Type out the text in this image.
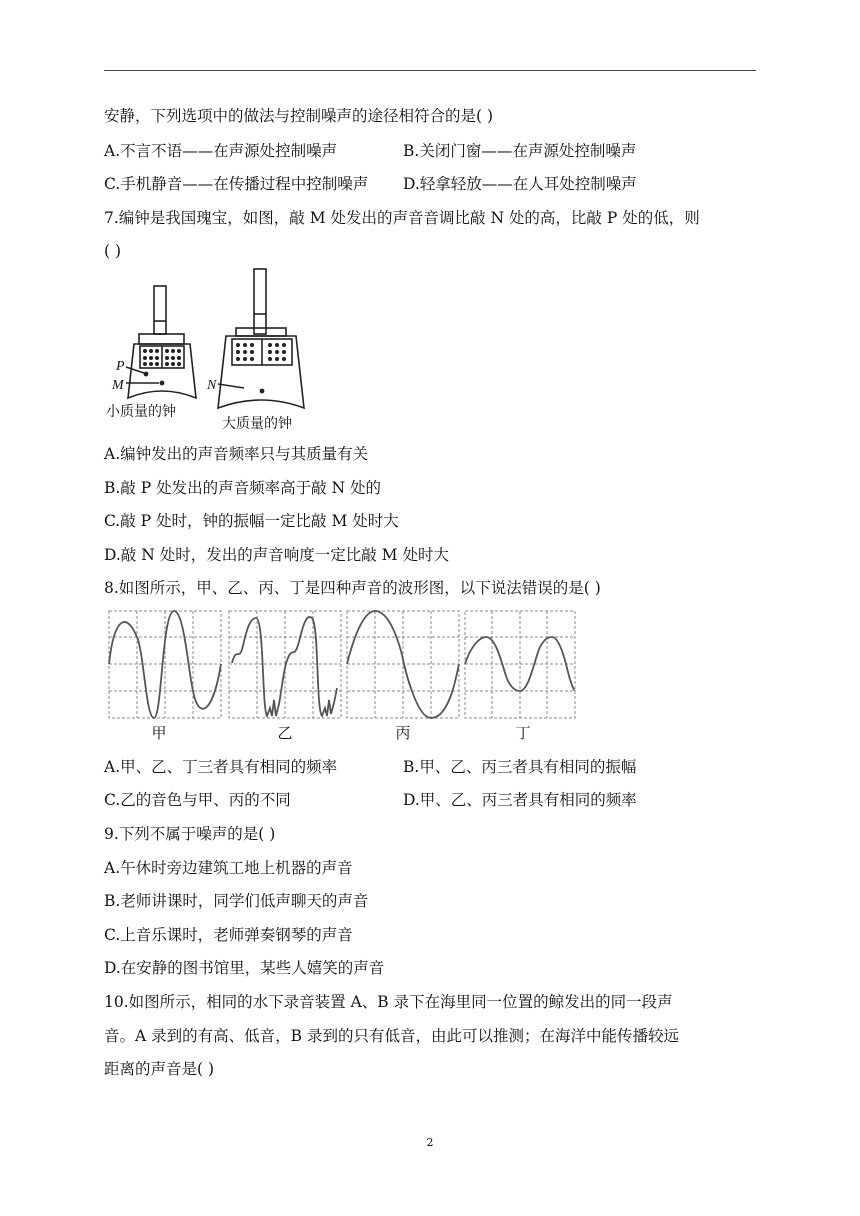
安静，下列选项中的做法与控制噪声的途径相符合的是( )
A.不言不语——在声源处控制噪声	B.关闭门窗——在声源处控制噪声
C.手机静音——在传播过程中控制噪声 D.轻拿轻放——在人耳处控制噪声
7.编钟是我国瑰宝，如图，敲 M 处发出的声音音调比敲 N 处的高，比敲 P 处的低，则
( )
P
M
小质量的钟
N
大质量的钟
A.编钟发出的声音频率只与其质量有关
B.敲 P 处发出的声音频率高于敲 N 处的
C.敲 P 处时，钟的振幅一定比敲 M 处时大
D.敲 N 处时，发出的声音响度一定比敲 M 处时大
8.如图所示，甲、乙、丙、丁是四种声音的波形图，以下说法错误的是( )
甲	乙	丙	丁
A.甲、乙、丁三者具有相同的频率	B.甲、乙、丙三者具有相同的振幅
C.乙的音色与甲、丙的不同	D.甲、乙、丙三者具有相同的频率
9.下列不属于噪声的是( )
A.午休时旁边建筑工地上机器的声音
B.老师讲课时，同学们低声聊天的声音
C.上音乐课时，老师弹奏钢琴的声音
D.在安静的图书馆里，某些人嬉笑的声音
10.如图所示，相同的水下录音装置 A、B 录下在海里同一位置的鲸发出的同一段声
音。A 录到的有高、低音，B 录到的只有低音，由此可以推测；在海洋中能传播较远
距离的声音是( )
2
